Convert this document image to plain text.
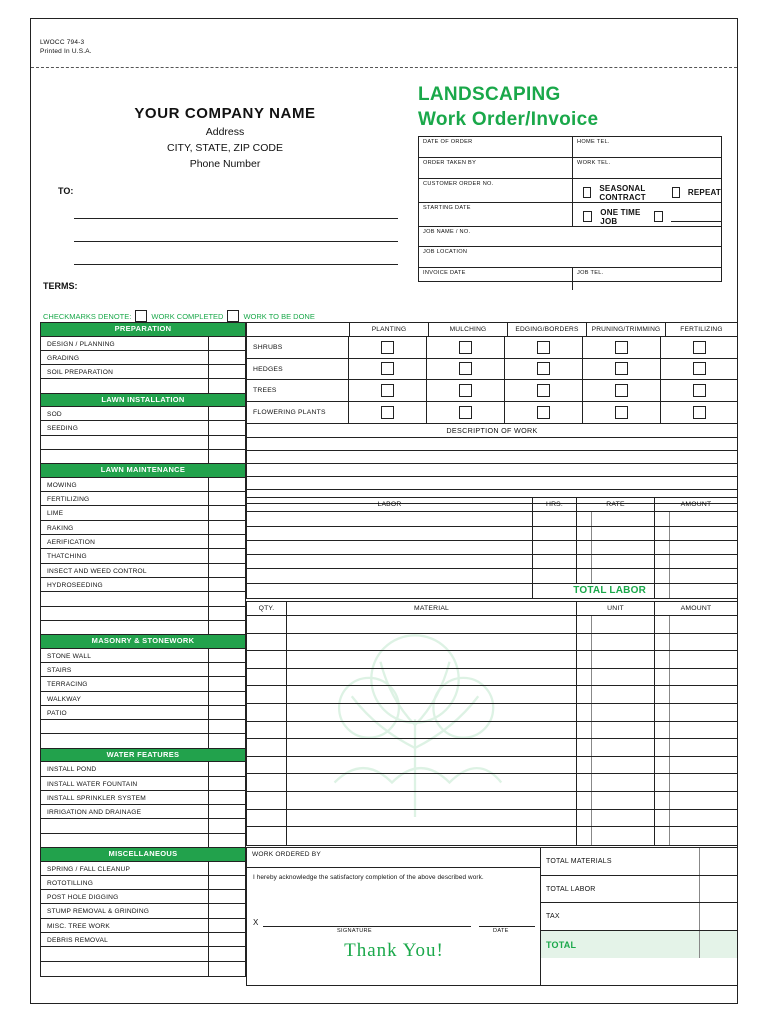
LWOCC 794-3
Printed In U.S.A.
YOUR COMPANY NAME
Address
CITY, STATE, ZIP CODE
Phone Number
TO:
TERMS:
LANDSCAPING
Work Order/Invoice
DATE OF ORDER	HOME TEL.
ORDER TAKEN BY	WORK TEL.
CUSTOMER ORDER NO.	SEASONAL CONTRACT	REPEAT
STARTING DATE	ONE TIME JOB
JOB NAME / NO.
JOB LOCATION
INVOICE DATE	JOB TEL.
CHECKMARKS DENOTE:	WORK COMPLETED	WORK TO BE DONE
PREPARATION
DESIGN / PLANNING
GRADING
SOIL PREPARATION
LAWN INSTALLATION
SOD
SEEDING
LAWN MAINTENANCE
MOWING
FERTILIZING
LIME
RAKING
AERIFICATION
THATCHING
INSECT AND WEED CONTROL
HYDROSEEDING
MASONRY & STONEWORK
STONE WALL
STAIRS
TERRACING
WALKWAY
PATIO
WATER FEATURES
INSTALL POND
INSTALL WATER FOUNTAIN
INSTALL SPRINKLER SYSTEM
IRRIGATION AND DRAINAGE
MISCELLANEOUS
SPRING / FALL CLEANUP
ROTOTILLING
POST HOLE DIGGING
STUMP REMOVAL & GRINDING
MISC. TREE WORK
DEBRIS REMOVAL
PLANTING	MULCHING	EDGING/BORDERS	PRUNING/TRIMMING	FERTILIZING
SHRUBS
HEDGES
TREES
FLOWERING PLANTS
DESCRIPTION OF WORK
LABOR	HRS.	RATE	AMOUNT
TOTAL LABOR
QTY.	MATERIAL	UNIT	AMOUNT
WORK ORDERED BY
I hereby acknowledge the satisfactory completion of the above described work.
X
SIGNATURE	DATE
Thank You!
TOTAL MATERIALS
TOTAL LABOR
TAX
TOTAL
